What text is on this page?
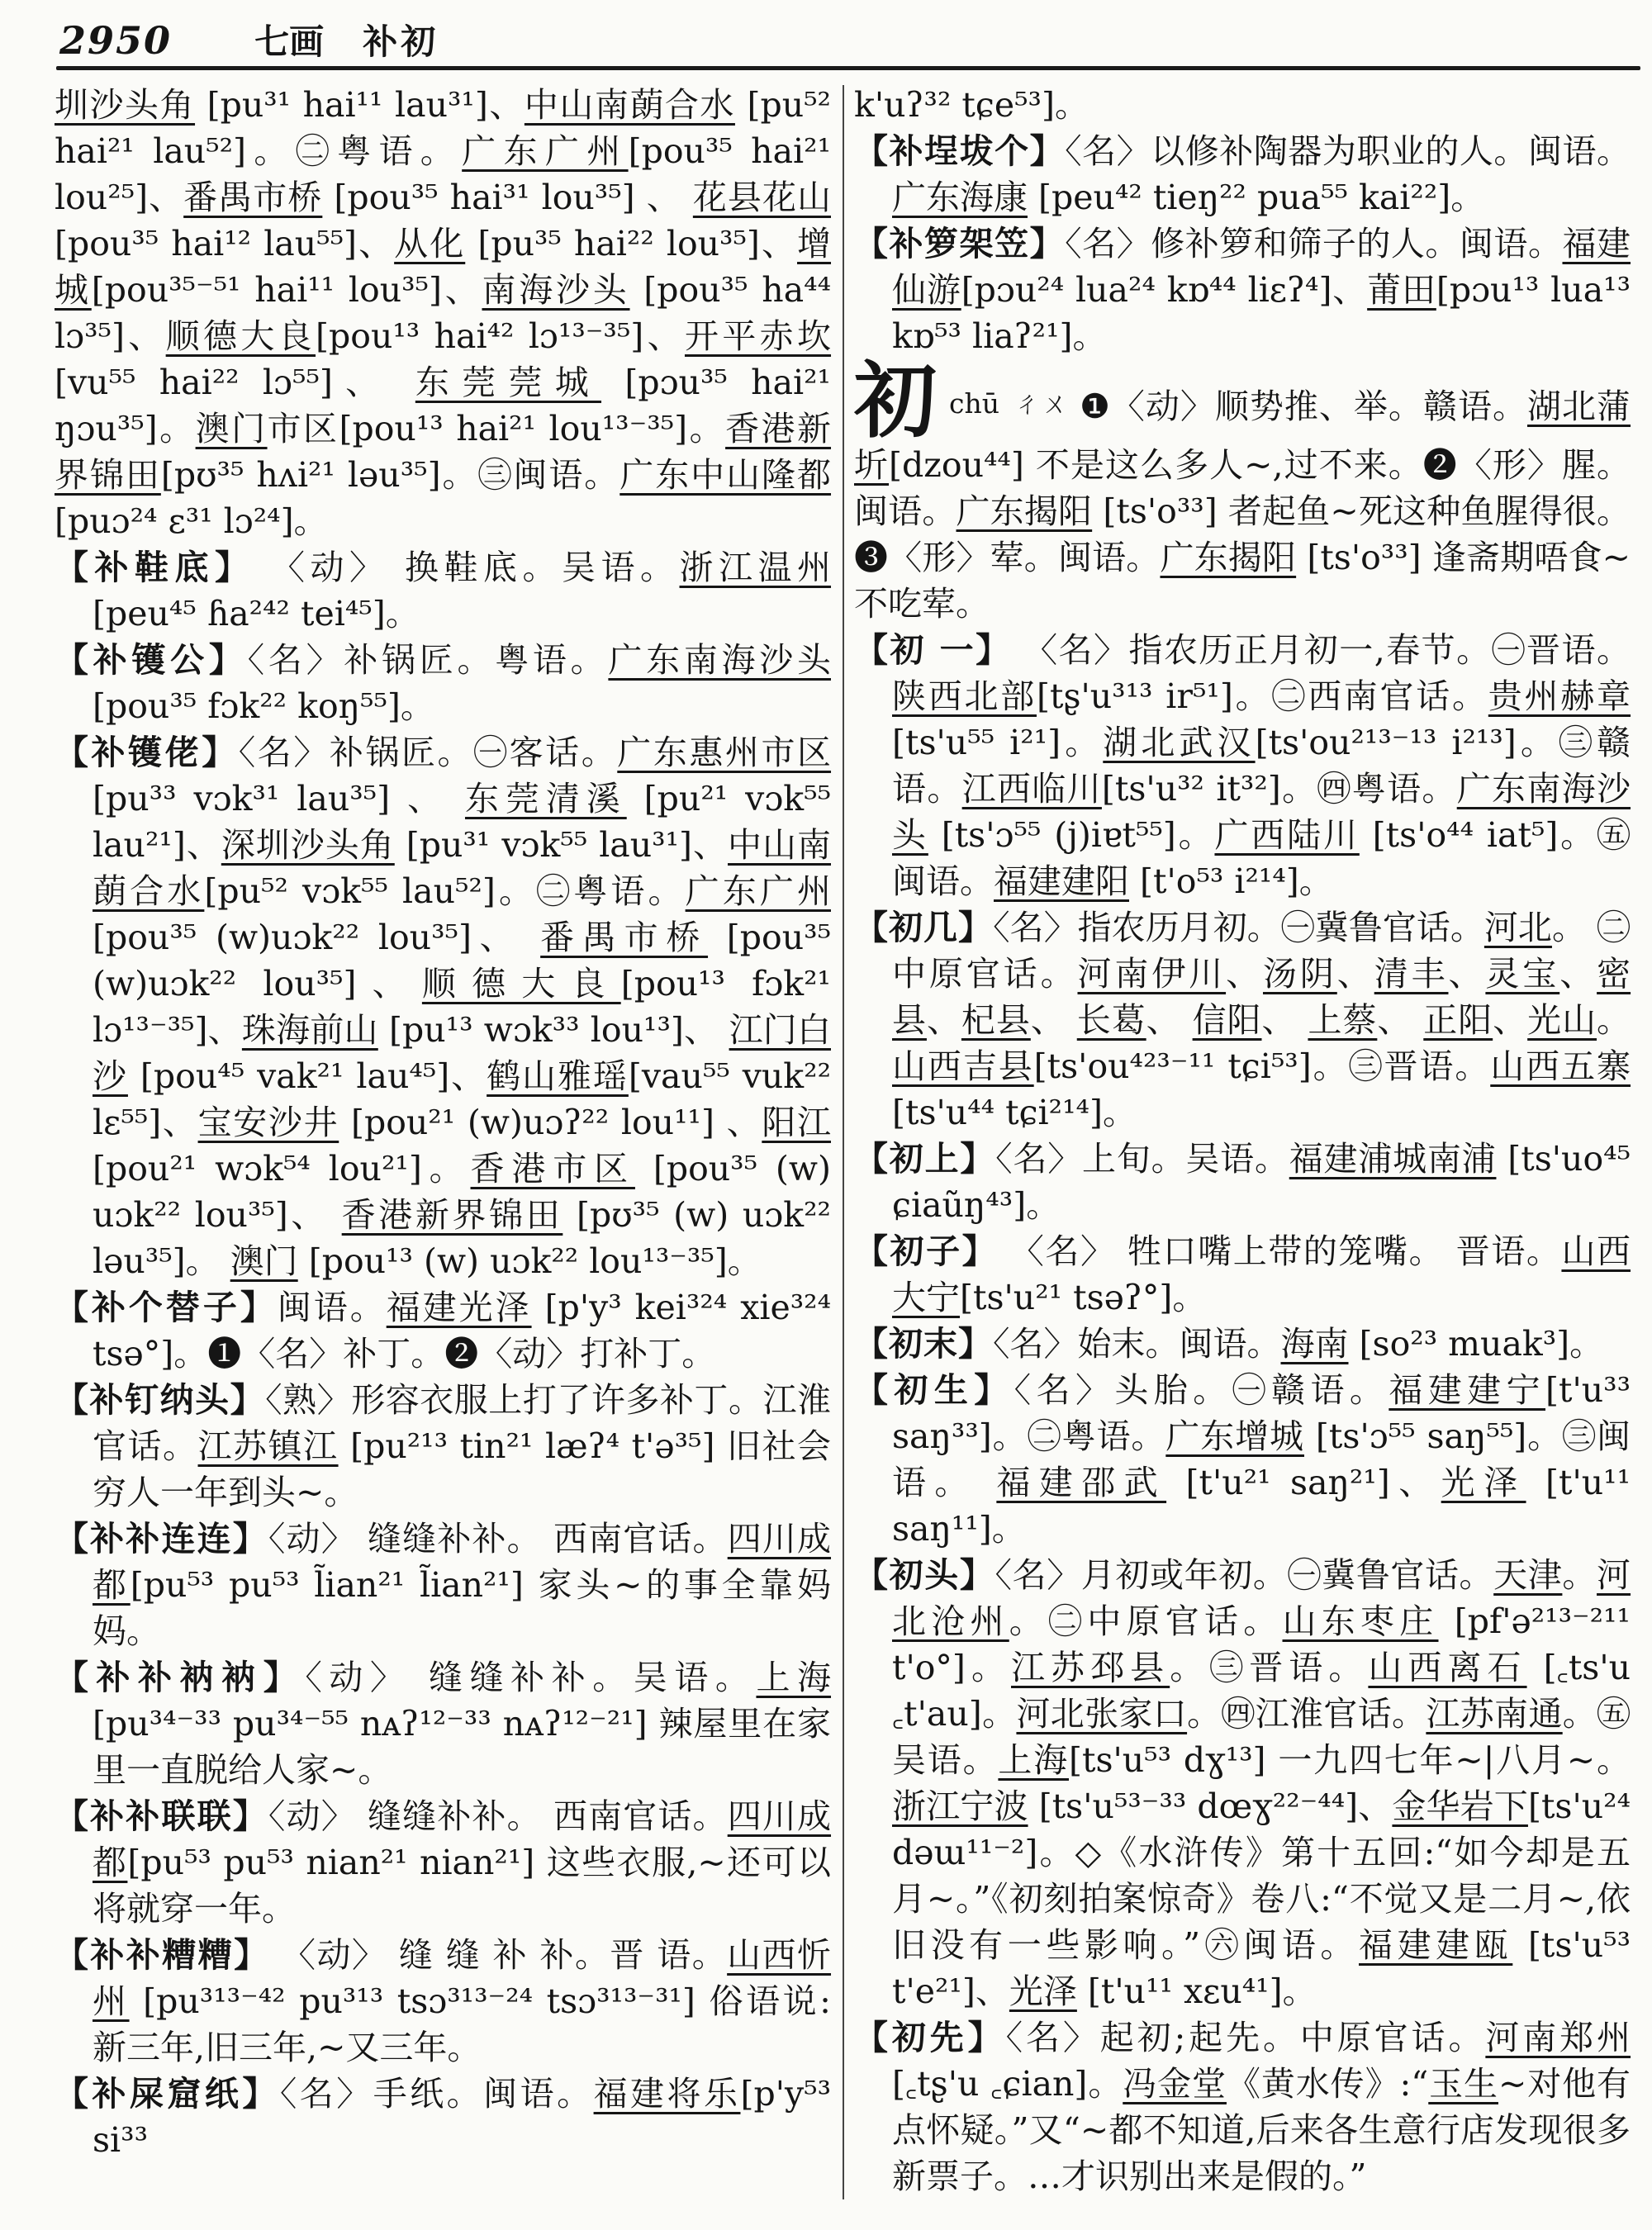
2950 七画 补初

圳沙头角 [pu³¹ hai¹¹ lau³¹]、中山南蓢合水 [pu⁵² hai²¹ lau⁵²]。㊁粤语。广东广州[pou³⁵ hai²¹ lou²⁵]、番禺市桥 [pou³⁵ hai³¹ lou³⁵] 、 花县花山[pou³⁵ hai¹² lau⁵⁵]、从化 [pu³⁵ hai²² lou³⁵]、增城[pou³⁵⁻⁵¹ hai¹¹ lou³⁵]、南海沙头 [pou³⁵ ha⁴⁴ lɔ³⁵]、顺德大良[pou¹³ hai⁴² lɔ¹³⁻³⁵]、开平赤坎[vu⁵⁵ hai²² lɔ⁵⁵]、 东莞莞城 [pɔu³⁵ hai²¹ ŋɔu³⁵]。澳门市区[pou¹³ hai²¹ lou¹³⁻³⁵]。香港新界锦田[pʊ³⁵ hʌi²¹ ləu³⁵]。㊂闽语。广东中山隆都[puɔ²⁴ ɛ³¹ lɔ²⁴]。

【补鞋底】 〈动〉 换鞋底。吴语。浙江温州 [peu⁴⁵ ɦa²⁴² tei⁴⁵]。

【补镬公】〈名〉补锅匠。粤语。广东南海沙头[pou³⁵ fɔk²² koŋ⁵⁵]。

【补镬佬】〈名〉补锅匠。㊀客话。广东惠州市区 [pu³³ vɔk³¹ lau³⁵] 、 东莞清溪 [pu²¹ vɔk⁵⁵ lau²¹]、深圳沙头角 [pu³¹ vɔk⁵⁵ lau³¹]、中山南蓢合水[pu⁵² vɔk⁵⁵ lau⁵²]。㊁粤语。广东广州[pou³⁵ (w)uɔk²² lou³⁵]、 番禺市桥 [pou³⁵ (w)uɔk²² lou³⁵]、顺德大良[pou¹³ fɔk²¹ lɔ¹³⁻³⁵]、珠海前山 [pu¹³ wɔk³³ lou¹³]、 江门白沙 [pou⁴⁵ vak²¹ lau⁴⁵]、鹤山雅瑶[vau⁵⁵ vuk²² lɛ⁵⁵]、宝安沙井 [pou²¹ (w)uɔʔ²² lou¹¹] 、阳江 [pou²¹ wɔk⁵⁴ lou²¹]。香港市区 [pou³⁵ (w) uɔk²² lou³⁵]、 香港新界锦田 [pʊ³⁵ (w) uɔk²² ləu³⁵]。 澳门 [pou¹³ (w) uɔk²² lou¹³⁻³⁵]。

【补个替子】闽语。福建光泽 [p'y³ kei³²⁴ xie³²⁴ tsə°]。❶〈名〉补丁。❷〈动〉打补丁。

【补钉纳头】〈熟〉形容衣服上打了许多补丁。江淮官话。江苏镇江 [pu²¹³ tin²¹ læʔ⁴ t'ə³⁵] 旧社会穷人一年到头~。

【补补连连】〈动〉 缝缝补补。 西南官话。四川成都[pu⁵³ pu⁵³ l̃ian²¹ l̃ian²¹] 家头~的事全靠妈妈。

【补补衲衲】〈动〉 缝缝补补。吴语。上海 [pu³⁴⁻³³ pu³⁴⁻⁵⁵ nᴀʔ¹²⁻³³ nᴀʔ¹²⁻²¹] 辣屋里在家里一直脱给人家~。

【补补联联】〈动〉 缝缝补补。 西南官话。四川成都[pu⁵³ pu⁵³ nian²¹ nian²¹] 这些衣服,~还可以将就穿一年。

【补补糟糟】 〈动〉 缝 缝 补 补。晋 语。山西忻州 [pu³¹³⁻⁴² pu³¹³ tsɔ³¹³⁻²⁴ tsɔ³¹³⁻³¹] 俗语说: 新三年,旧三年,~又三年。

【补屎窟纸】〈名〉手纸。闽语。福建将乐[p'y⁵³ si³³

k'uʔ³² tɕe⁵³]。

【补埕坺个】〈名〉以修补陶器为职业的人。闽语。广东海康 [peu⁴² tieŋ²² pua⁵⁵ kai²²]。

【补箩架笠】〈名〉修补箩和筛子的人。闽语。福建仙游[pɔu²⁴ lua²⁴ kɒ⁴⁴ liɛʔ⁴]、莆田[pɔu¹³ lua¹³ kɒ⁵³ liaʔ²¹]。

初chū ㄔㄨ ❶〈动〉顺势推、举。赣语。湖北蒲圻[dzou⁴⁴] 不是这么多人~,过不来。❷〈形〉腥。 闽语。广东揭阳 [ts'o³³] 者起鱼~死这种鱼腥得很。❸〈形〉荤。闽语。广东揭阳 [ts'o³³] 逢斋期唔食~不吃荤。

【初 一】 〈名〉指农历正月初一,春节。㊀晋语。陕西北部[tʂ'u³¹³ ir⁵¹]。㊁西南官话。贵州赫章[ts'u⁵⁵ i²¹]。湖北武汉[ts'ou²¹³⁻¹³ i²¹³]。㊂赣语。江西临川[ts'u³² it³²]。㊃粤语。广东南海沙头 [ts'ɔ⁵⁵ (j)iɐt⁵⁵]。广西陆川 [ts'o⁴⁴ iat⁵]。㊄闽语。福建建阳 [t'o⁵³ i²¹⁴]。

【初几】〈名〉指农历月初。㊀冀鲁官话。河北。 ㊁中原官话。河南伊川、汤阴、清丰、灵宝、密县、杞县、 长葛、 信阳、 上蔡、 正阳、光山。山西吉县[ts'ou⁴²³⁻¹¹ tɕi⁵³]。㊂晋语。山西五寨[ts'u⁴⁴ tɕi²¹⁴]。

【初上】〈名〉上旬。吴语。福建浦城南浦 [ts'uo⁴⁵ ɕiaũŋ⁴³]。

【初子】 〈名〉 牲口嘴上带的笼嘴。 晋语。山西大宁[ts'u²¹ tsəʔ°]。

【初末】〈名〉始末。闽语。海南 [so²³ muak³]。

【初生】〈名〉头胎。㊀赣语。福建建宁[t'u³³ saŋ³³]。㊁粤语。广东增城 [ts'ɔ⁵⁵ saŋ⁵⁵]。㊂闽语。 福建邵武 [t'u²¹ saŋ²¹]、光泽 [t'u¹¹ saŋ¹¹]。

【初头】〈名〉月初或年初。㊀冀鲁官话。天津。河北沧州。㊁中原官话。山东枣庄 [pf'ə²¹³⁻²¹¹ t'o°]。江苏邳县。㊂晋语。山西离石 [꜀ts'u ꜀t'au]。河北张家口。㊃江淮官话。江苏南通。㊄吴语。上海[ts'u⁵³ dɣ¹³] 一九四七年~|八月~。浙江宁波 [ts'u⁵³⁻³³ dœɣ²²⁻⁴⁴]、金华岩下[ts'u²⁴ dəɯ¹¹⁻²]。◇《水浒传》第十五回:“如今却是五月~。”《初刻拍案惊奇》卷八:“不觉又是二月~,依旧没有一些影响。”㊅闽语。福建建瓯 [ts'u⁵³ t'e²¹]、光泽 [t'u¹¹ xɛu⁴¹]。

【初先】〈名〉起初;起先。中原官话。河南郑州[꜀tʂ'u ꜀ɕian]。冯金堂《黄水传》:“玉生~对他有点怀疑。”又“~都不知道,后来各生意行店发现很多新票子。…才识别出来是假的。”
